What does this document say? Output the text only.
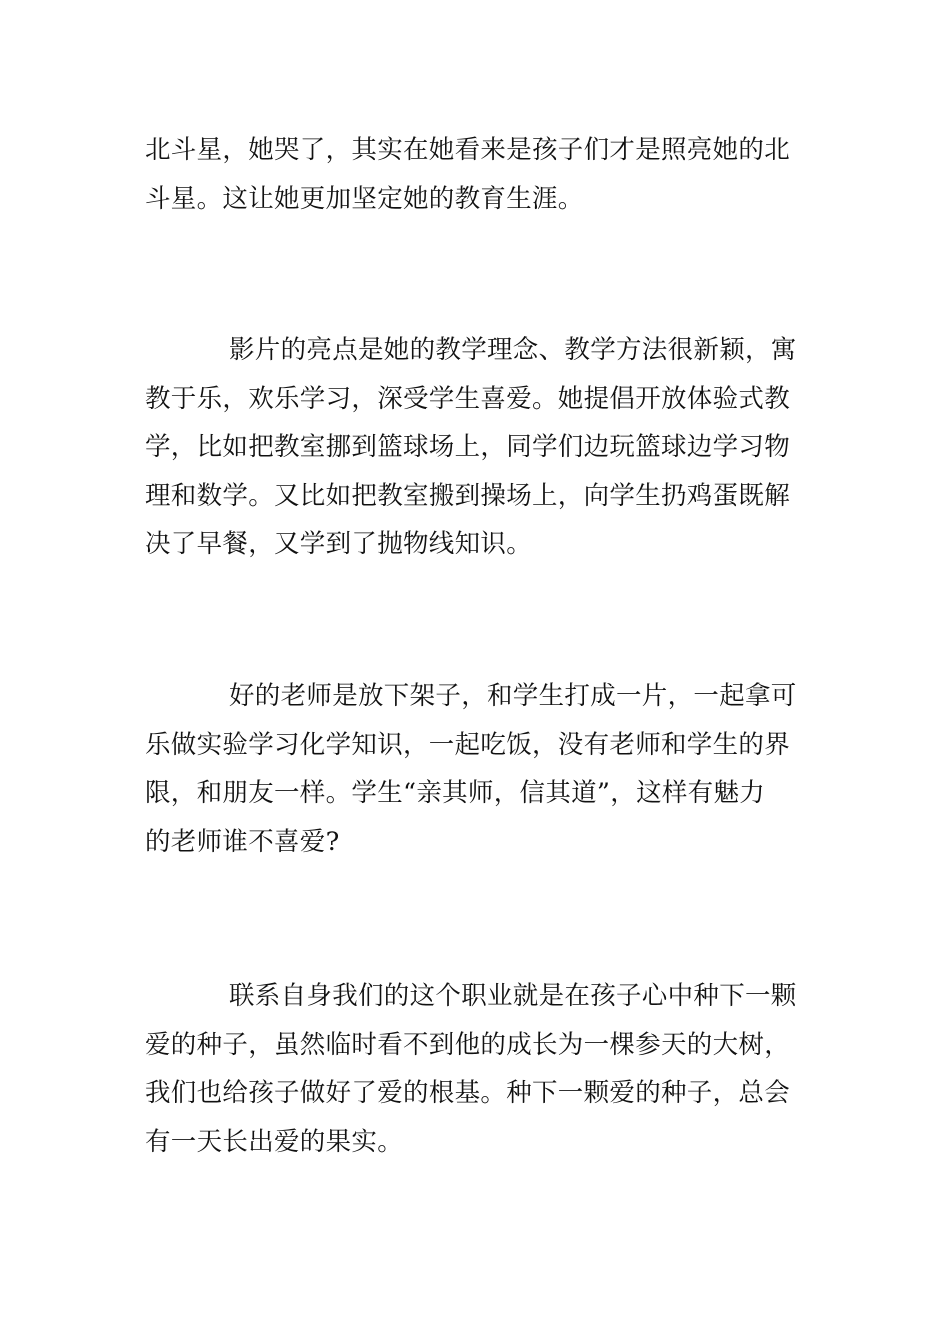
北斗星，她哭了，其实在她看来是孩子们才是照亮她的北
斗星。这让她更加坚定她的教育生涯。
影片的亮点是她的教学理念、教学方法很新颖，寓
教于乐，欢乐学习，深受学生喜爱。她提倡开放体验式教
学，比如把教室挪到篮球场上，同学们边玩篮球边学习物
理和数学。又比如把教室搬到操场上，向学生扔鸡蛋既解
决了早餐，又学到了抛物线知识。
好的老师是放下架子，和学生打成一片，一起拿可
乐做实验学习化学知识，一起吃饭，没有老师和学生的界
限，和朋友一样。学生“亲其师，信其道”，这样有魅力
的老师谁不喜爱?
联系自身我们的这个职业就是在孩子心中种下一颗
爱的种子，虽然临时看不到他的成长为一棵参天的大树，
我们也给孩子做好了爱的根基。种下一颗爱的种子，总会
有一天长出爱的果实。
